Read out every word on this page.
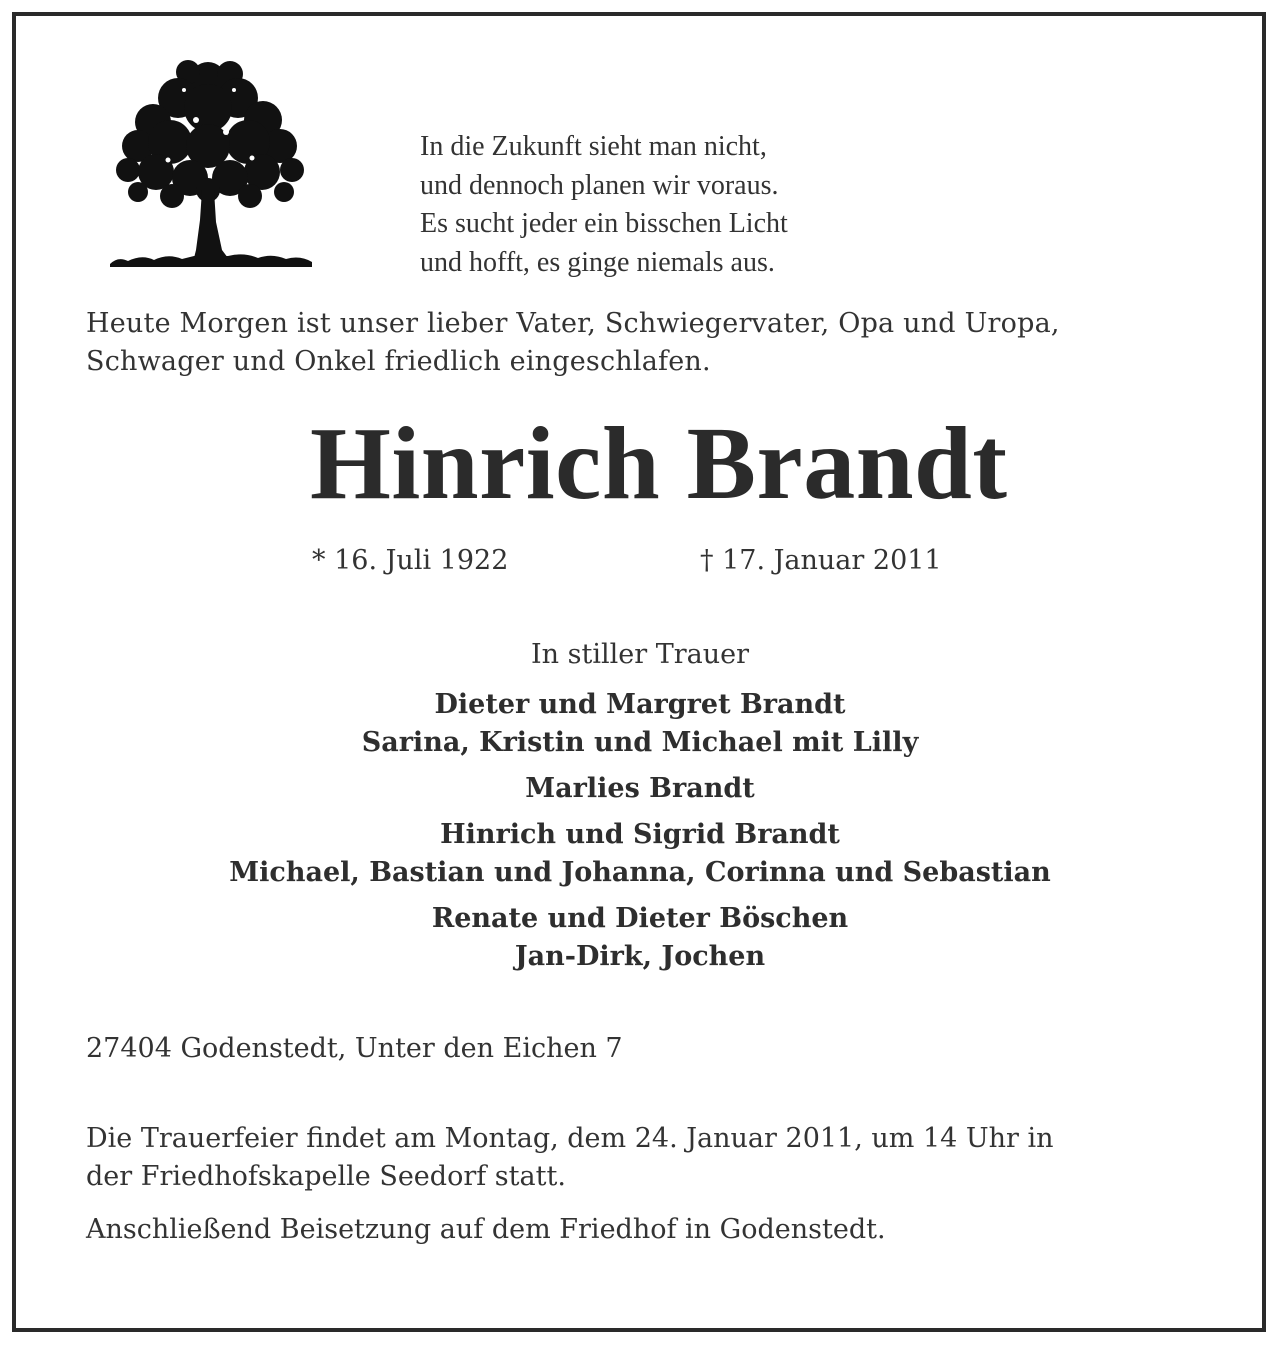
In die Zukunft sieht man nicht,
und dennoch planen wir voraus.
Es sucht jeder ein bisschen Licht
und hofft, es ginge niemals aus.
Heute Morgen ist unser lieber Vater, Schwiegervater, Opa und Uropa,
Schwager und Onkel friedlich eingeschlafen.
Hinrich Brandt
* 16. Juli 1922	† 17. Januar 2011
In stiller Trauer
Dieter und Margret Brandt
Sarina, Kristin und Michael mit Lilly
Marlies Brandt
Hinrich und Sigrid Brandt
Michael, Bastian und Johanna, Corinna und Sebastian
Renate und Dieter Böschen
Jan-Dirk, Jochen
27404 Godenstedt, Unter den Eichen 7
Die Trauerfeier findet am Montag, dem 24. Januar 2011, um 14 Uhr in
der Friedhofskapelle Seedorf statt.
Anschließend Beisetzung auf dem Friedhof in Godenstedt.
